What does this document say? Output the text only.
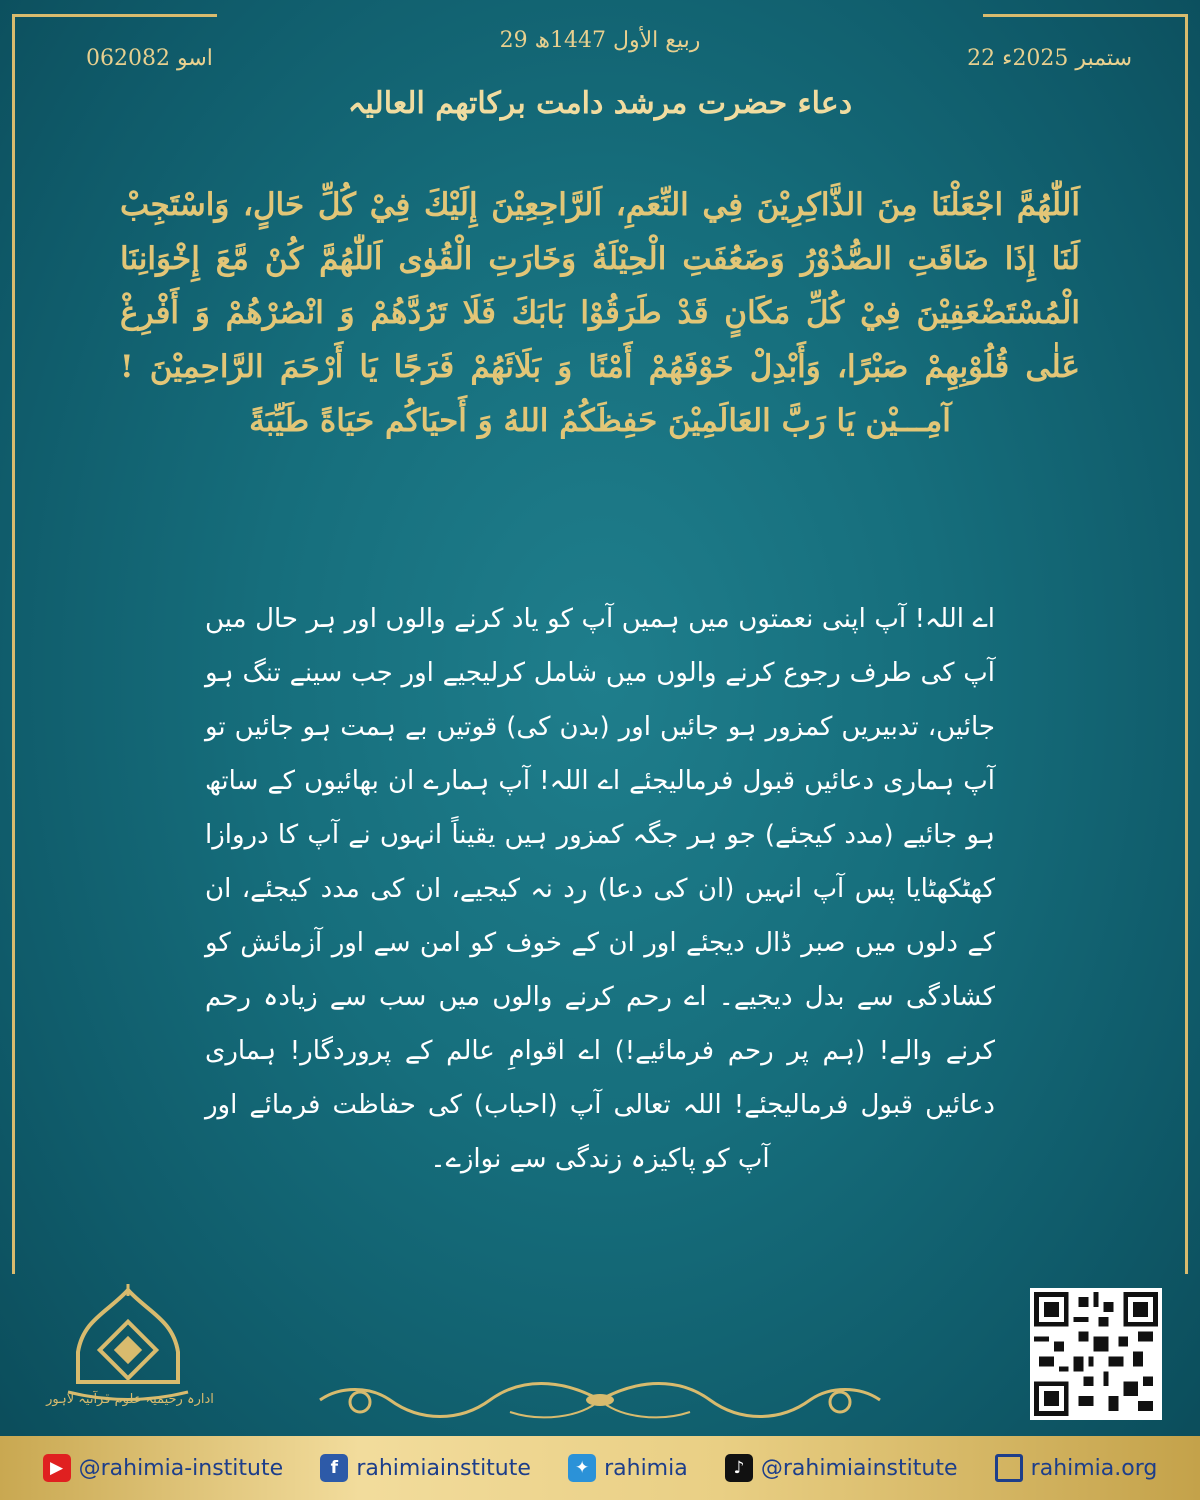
29 ربیع الأول 1447ھ
22 ستمبر 2025ء
06اسو 2082
دعاء حضرت مرشد دامت برکاتھم العالیہ
اَللّٰهُمَّ اجْعَلْنَا مِنَ الذَّاكِرِيْنَ فِي النِّعَمِ، اَلرَّاجِعِيْنَ إِلَيْكَ فِيْ كُلِّ حَالٍ، وَاسْتَجِبْ لَنَا إِذَا ضَاقَتِ الصُّدُوْرُ وَضَعُفَتِ الْحِيْلَةُ وَخَارَتِ الْقُوٰى اَللّٰهُمَّ كُنْ مَّعَ إِخْوَانِنَا الْمُسْتَضْعَفِيْنَ فِيْ كُلِّ مَكَانٍ قَدْ طَرَقُوْا بَابَكَ فَلَا تَرُدَّهُمْ وَ انْصُرْهُمْ وَ أَفْرِغْ عَلٰى قُلُوْبِهِمْ صَبْرًا، وَأَبْدِلْ خَوْفَهُمْ أَمْنًا وَ بَلَائَهُمْ فَرَجًا يَا أَرْحَمَ الرَّاحِمِيْنَ ! آمِـــيْن يَا رَبَّ العَالَمِيْنَ حَفِظَكُمُ اللهُ وَ أَحيَاكُم حَيَاةً طَيِّبَةً
اے اللہ! آپ اپنی نعمتوں میں ہمیں آپ کو یاد کرنے والوں اور ہر حال میں آپ کی طرف رجوع کرنے والوں میں شامل کرلیجیے اور جب سینے تنگ ہو جائیں، تدبیریں کمزور ہو جائیں اور (بدن کی) قوتیں بے ہمت ہو جائیں تو آپ ہماری دعائیں قبول فرمالیجئے اے اللہ! آپ ہمارے ان بھائیوں کے ساتھ ہو جائیے (مدد کیجئے) جو ہر جگہ کمزور ہیں یقیناً انہوں نے آپ کا دروازا کھٹکھٹایا پس آپ انہیں (ان کی دعا) رد نہ کیجیے، ان کی مدد کیجئے، ان کے دلوں میں صبر ڈال دیجئے اور ان کے خوف کو امن سے اور آزمائش کو کشادگی سے بدل دیجیے۔ اے رحم کرنے والوں میں سب سے زیادہ رحم کرنے والے! (ہم پر رحم فرمائیے!) اے اقوامِ عالم کے پروردگار! ہماری دعائیں قبول فرمالیجئے! اللہ تعالی آپ (احباب) کی حفاظت فرمائے اور آپ کو پاکیزہ زندگی سے نوازے۔
ادارہ رحیمیہ علوم قرآنیہ لاہور
▶ @rahimia-institute	f rahimiainstitute	✦ rahimia	♪ @rahimiainstitute	rahimia.org
